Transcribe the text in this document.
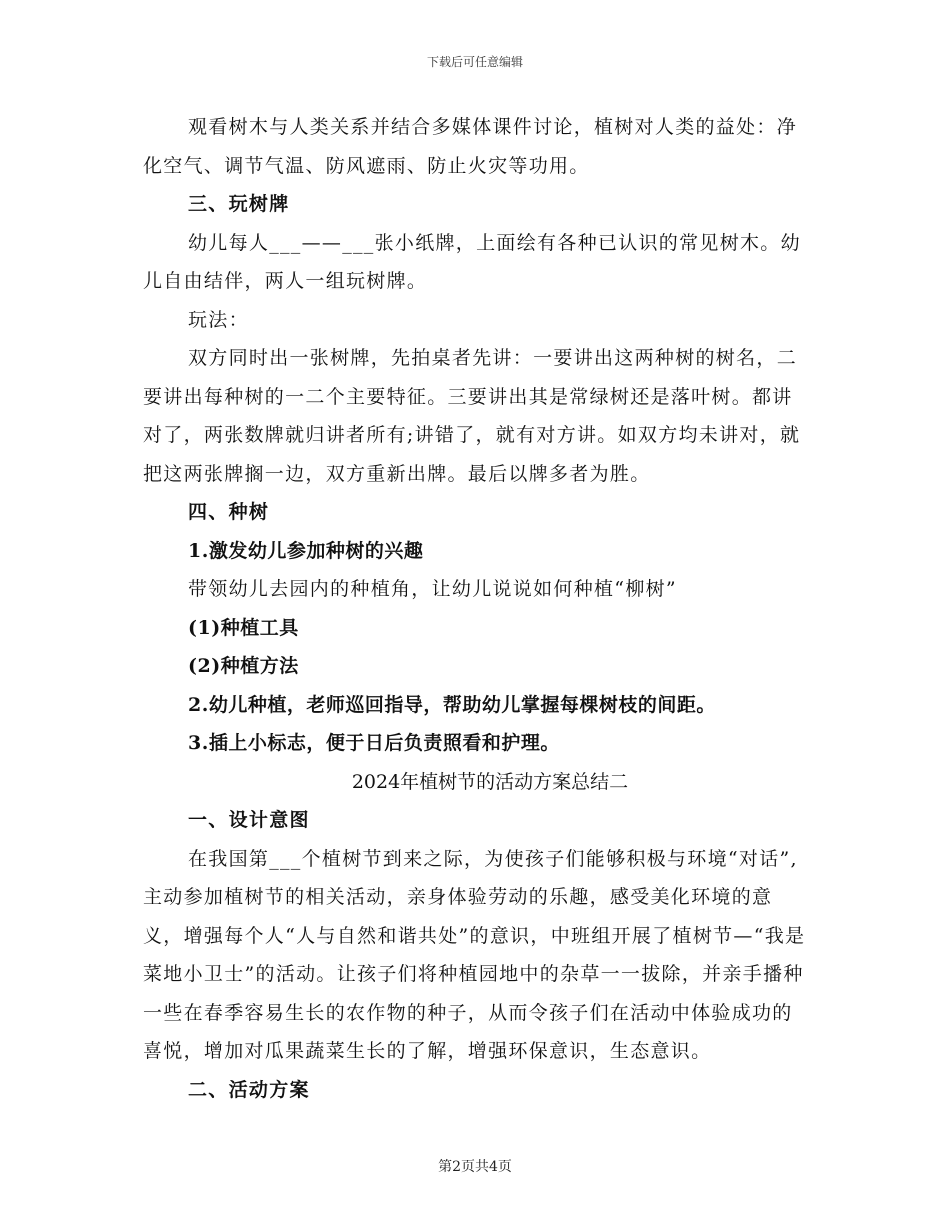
下载后可任意编辑

观看树木与人类关系并结合多媒体课件讨论，植树对人类的益处：净化空气、调节气温、防风遮雨、防止火灾等功用。

三、玩树牌

幼儿每人___——___张小纸牌，上面绘有各种已认识的常见树木。幼儿自由结伴，两人一组玩树牌。

玩法：

双方同时出一张树牌，先拍桌者先讲：一要讲出这两种树的树名，二要讲出每种树的一二个主要特征。三要讲出其是常绿树还是落叶树。都讲对了，两张数牌就归讲者所有;讲错了，就有对方讲。如双方均未讲对，就把这两张牌搁一边，双方重新出牌。最后以牌多者为胜。

四、种树

1.激发幼儿参加种树的兴趣

带领幼儿去园内的种植角，让幼儿说说如何种植“柳树”

(1)种植工具

(2)种植方法

2.幼儿种植，老师巡回指导，帮助幼儿掌握每棵树枝的间距。

3.插上小标志，便于日后负责照看和护理。

2024年植树节的活动方案总结二

一、设计意图

在我国第___个植树节到来之际，为使孩子们能够积极与环境“对话”,主动参加植树节的相关活动，亲身体验劳动的乐趣，感受美化环境的意义，增强每个人“人与自然和谐共处”的意识，中班组开展了植树节—“我是菜地小卫士”的活动。让孩子们将种植园地中的杂草一一拔除，并亲手播种一些在春季容易生长的农作物的种子，从而令孩子们在活动中体验成功的喜悦，增加对瓜果蔬菜生长的了解，增强环保意识，生态意识。

二、活动方案

第2页共4页
